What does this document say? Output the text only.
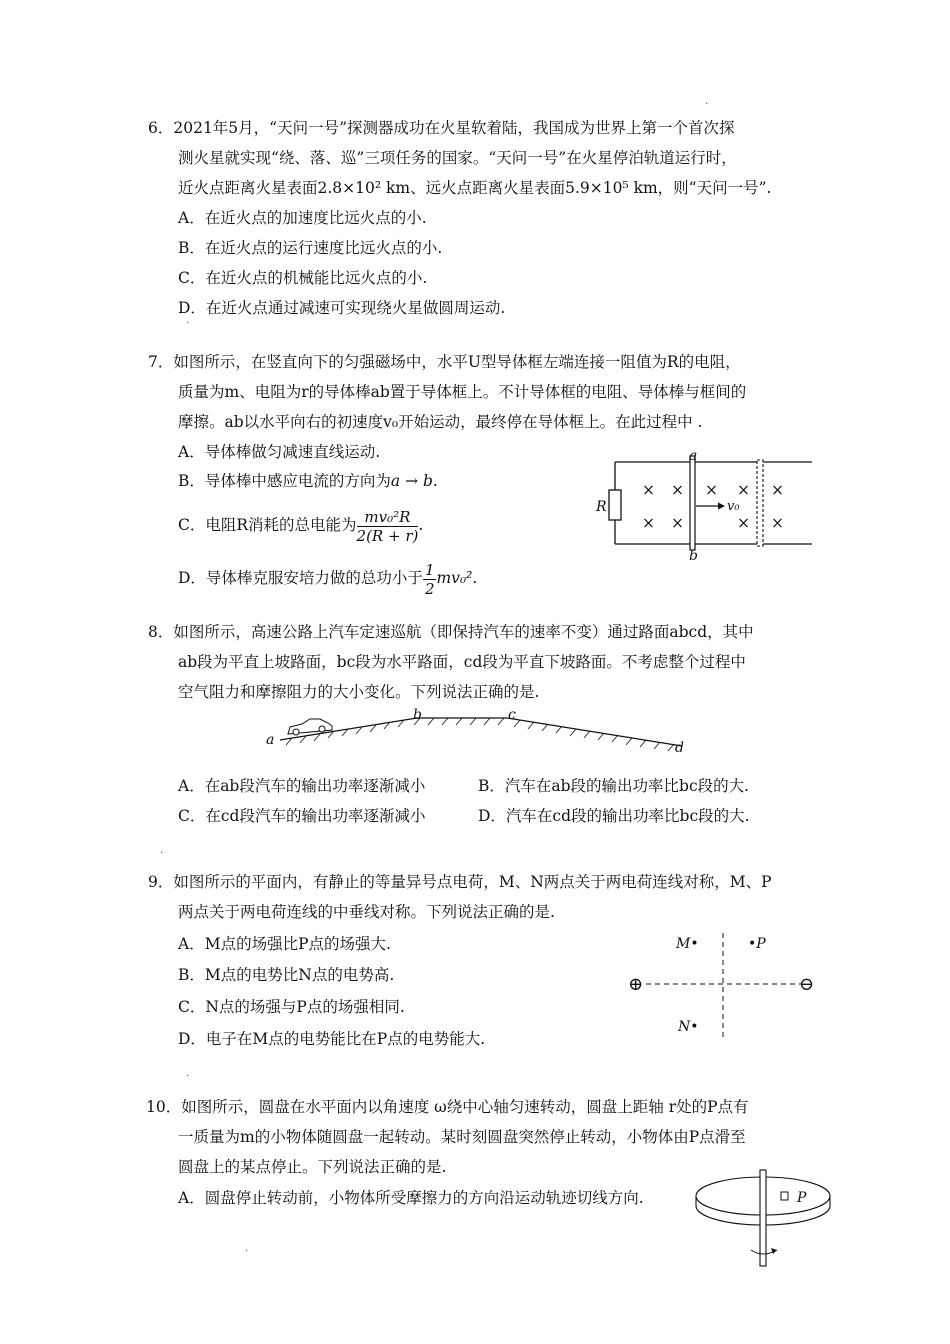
6．2021年5月，“天问一号”探测器成功在火星软着陆，我国成为世界上第一个首次探
测火星就实现“绕、落、巡”三项任务的国家。“天问一号”在火星停泊轨道运行时，
近火点距离火星表面2.8×10² km、远火点距离火星表面5.9×10⁵ km，则“天问一号”.
A．在近火点的加速度比远火点的小.
B．在近火点的运行速度比远火点的小.
C．在近火点的机械能比远火点的小.
D．在近火点通过减速可实现绕火星做圆周运动.
7．如图所示，在竖直向下的匀强磁场中，水平U型导体框左端连接一阻值为R的电阻，
质量为m、电阻为r的导体棒ab置于导体框上。不计导体框的电阻、导体棒与框间的
摩擦。ab以水平向右的初速度v₀开始运动，最终停在导体框上。在此过程中 .
A．导体棒做匀减速直线运动.
B．导体棒中感应电流的方向为a → b.
C．电阻R消耗的总电能为 $\frac{\text{mv₀²R}}{2(R + r)}$ .
D．导体棒克服安培力做的总功小于 $\frac{1}{2} mv_0^2$.
R
a
b
v₀
× × × × ×
× ×	× ×
8．如图所示，高速公路上汽车定速巡航（即保持汽车的速率不变）通过路面abcd，其中
ab段为平直上坡路面，bc段为水平路面，cd段为平直下坡路面。不考虑整个过程中
空气阻力和摩擦阻力的大小变化。下列说法正确的是.
a
b	c
d
A．在ab段汽车的输出功率逐渐减小	B．汽车在ab段的输出功率比bc段的大.
C．在cd段汽车的输出功率逐渐减小	D．汽车在cd段的输出功率比bc段的大.
9．如图所示的平面内，有静止的等量异号点电荷，M、N两点关于两电荷连线对称，M、P
两点关于两电荷连线的中垂线对称。下列说法正确的是.
A．M点的场强比P点的场强大.
B．M点的电势比N点的电势高.
C．N点的场强与P点的场强相同.
D．电子在M点的电势能比在P点的电势能大.
⊕	⊖
M•	•P
N•
10．如图所示，圆盘在水平面内以角速度 ω绕中心轴匀速转动，圆盘上距轴 r处的P点有
一质量为m的小物体随圆盘一起转动。某时刻圆盘突然停止转动，小物体由P点滑至
圆盘上的某点停止。下列说法正确的是.
A．圆盘停止转动前，小物体所受摩擦力的方向沿运动轨迹切线方向.	P
.
.
.
.
.
